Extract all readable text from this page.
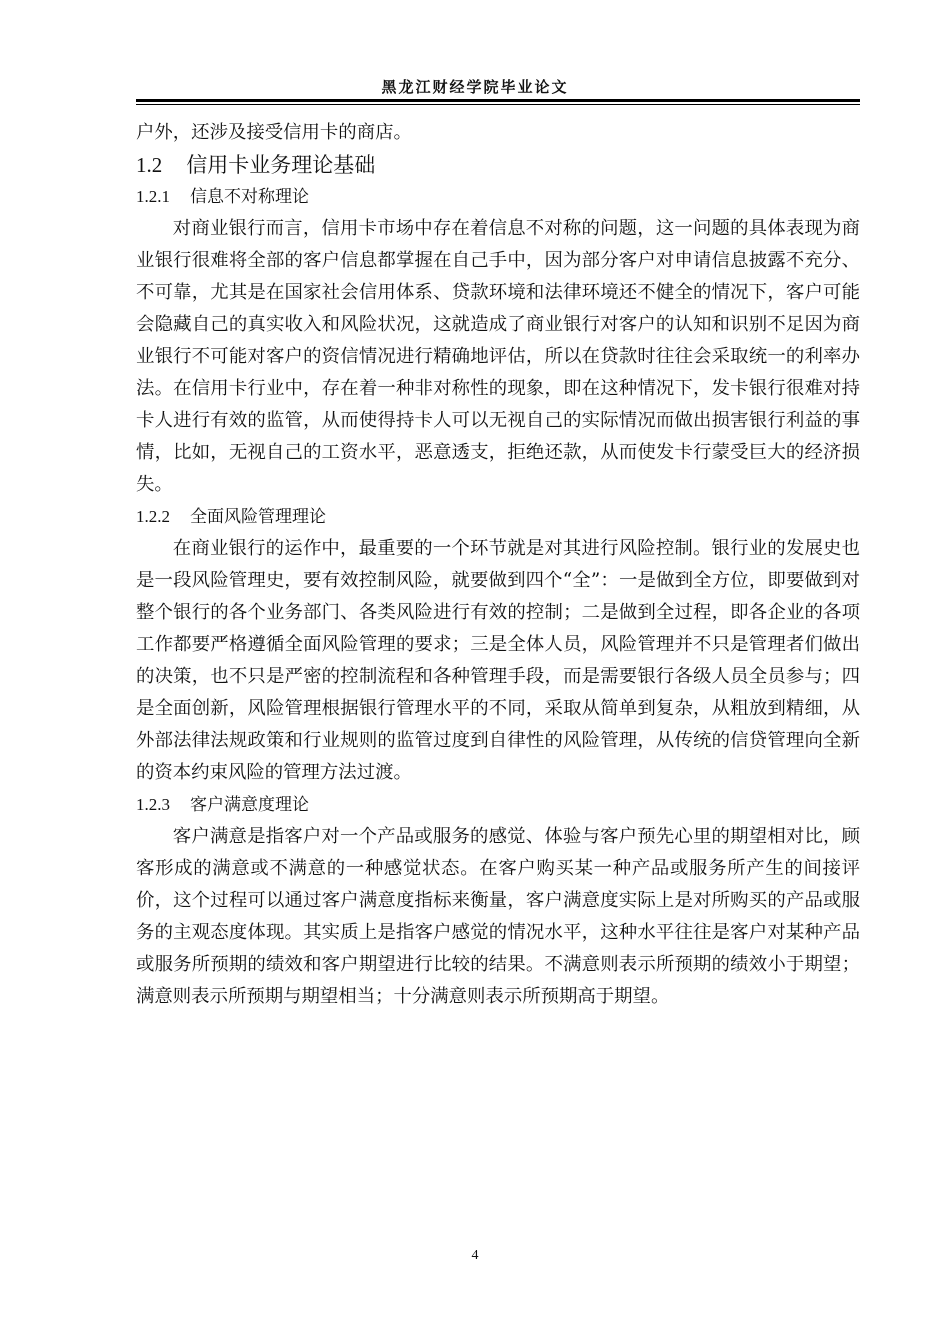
黑龙江财经学院毕业论文

户外，还涉及接受信用卡的商店。

1.2 信用卡业务理论基础
1.2.1 信息不对称理论

对商业银行而言，信用卡市场中存在着信息不对称的问题，这一问题的具体表现为商业银行很难将全部的客户信息都掌握在自己手中，因为部分客户对申请信息披露不充分、不可靠，尤其是在国家社会信用体系、贷款环境和法律环境还不健全的情况下，客户可能会隐藏自己的真实收入和风险状况，这就造成了商业银行对客户的认知和识别不足因为商业银行不可能对客户的资信情况进行精确地评估，所以在贷款时往往会采取统一的利率办法。在信用卡行业中，存在着一种非对称性的现象，即在这种情况下，发卡银行很难对持卡人进行有效的监管，从而使得持卡人可以无视自己的实际情况而做出损害银行利益的事情，比如，无视自己的工资水平，恶意透支，拒绝还款，从而使发卡行蒙受巨大的经济损失。

1.2.2 全面风险管理理论

在商业银行的运作中，最重要的一个环节就是对其进行风险控制。银行业的发展史也是一段风险管理史，要有效控制风险，就要做到四个“全”：一是做到全方位，即要做到对整个银行的各个业务部门、各类风险进行有效的控制；二是做到全过程，即各企业的各项工作都要严格遵循全面风险管理的要求；三是全体人员，风险管理并不只是管理者们做出的决策，也不只是严密的控制流程和各种管理手段，而是需要银行各级人员全员参与；四是全面创新，风险管理根据银行管理水平的不同，采取从简单到复杂，从粗放到精细，从外部法律法规政策和行业规则的监管过度到自律性的风险管理，从传统的信贷管理向全新的资本约束风险的管理方法过渡。

1.2.3 客户满意度理论

客户满意是指客户对一个产品或服务的感觉、体验与客户预先心里的期望相对比，顾客形成的满意或不满意的一种感觉状态。在客户购买某一种产品或服务所产生的间接评价，这个过程可以通过客户满意度指标来衡量，客户满意度实际上是对所购买的产品或服务的主观态度体现。其实质上是指客户感觉的情况水平，这种水平往往是客户对某种产品或服务所预期的绩效和客户期望进行比较的结果。不满意则表示所预期的绩效小于期望；满意则表示所预期与期望相当；十分满意则表示所预期高于期望。

4
